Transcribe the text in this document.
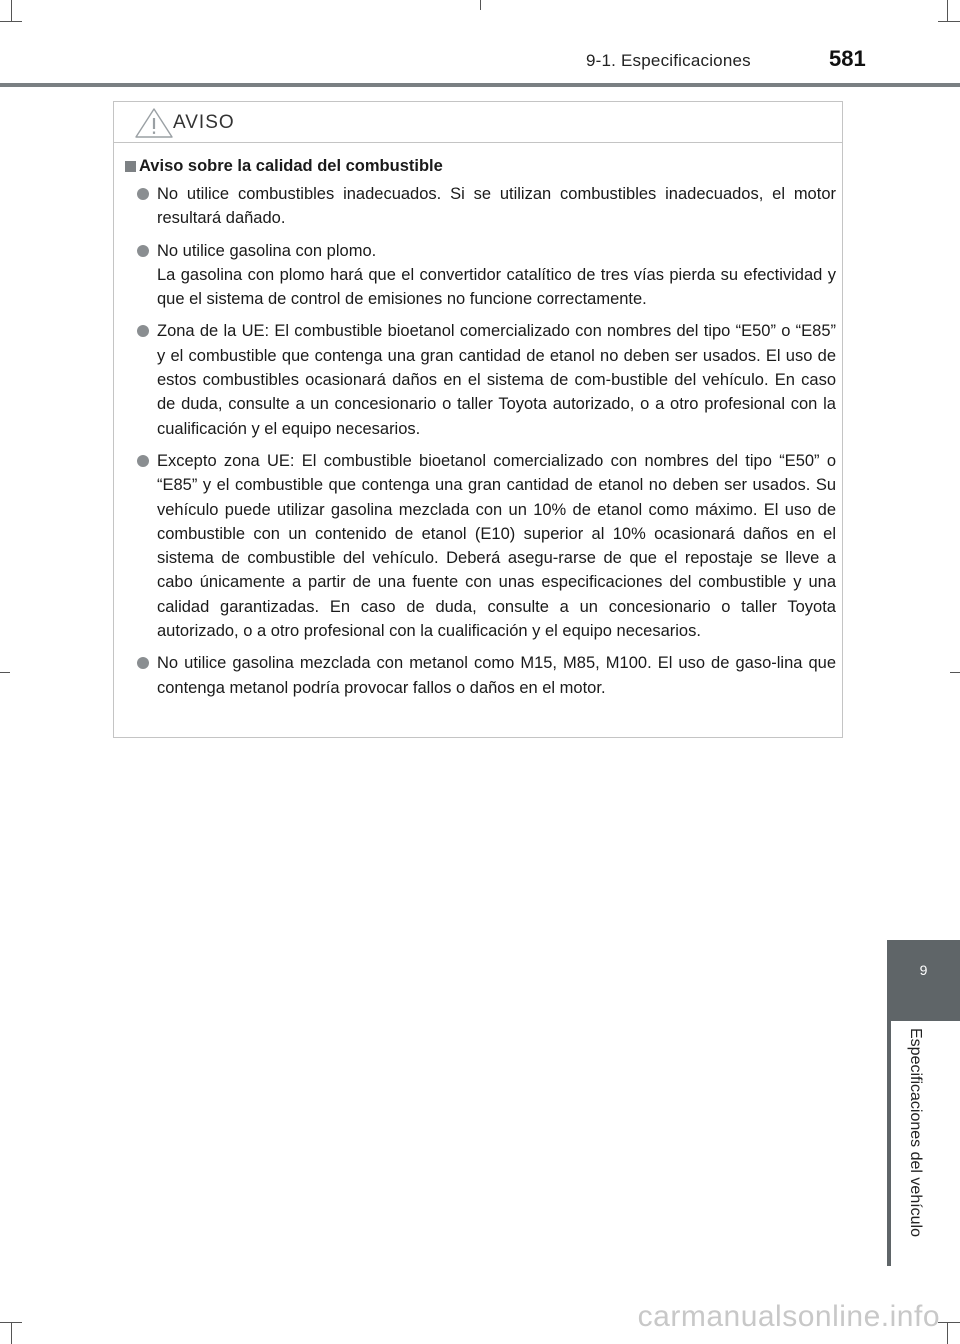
9-1. Especificaciones	581
AVISO
Aviso sobre la calidad del combustible

No utilice combustibles inadecuados. Si se utilizan combustibles inadecuados, el motor resultará dañado.

No utilice gasolina con plomo.

La gasolina con plomo hará que el convertidor catalítico de tres vías pierda su efectividad y que el sistema de control de emisiones no funcione correctamente.

Zona de la UE: El combustible bioetanol comercializado con nombres del tipo “E50” o “E85” y el combustible que contenga una gran cantidad de etanol no deben ser usados. El uso de estos combustibles ocasionará daños en el sistema de com-bustible del vehículo. En caso de duda, consulte a un concesionario o taller Toyota autorizado, o a otro profesional con la cualificación y el equipo necesarios.

Excepto zona UE: El combustible bioetanol comercializado con nombres del tipo “E50” o “E85” y el combustible que contenga una gran cantidad de etanol no deben ser usados. Su vehículo puede utilizar gasolina mezclada con un 10% de etanol como máximo. El uso de combustible con un contenido de etanol (E10) superior al 10% ocasionará daños en el sistema de combustible del vehículo. Deberá asegu-rarse de que el repostaje se lleve a cabo únicamente a partir de una fuente con unas especificaciones del combustible y una calidad garantizadas. En caso de duda, consulte a un concesionario o taller Toyota autorizado, o a otro profesional con la cualificación y el equipo necesarios.

No utilice gasolina mezclada con metanol como M15, M85, M100. El uso de gaso-lina que contenga metanol podría provocar fallos o daños en el motor.

9
Especificaciones del vehículo
carmanualsonline.info
